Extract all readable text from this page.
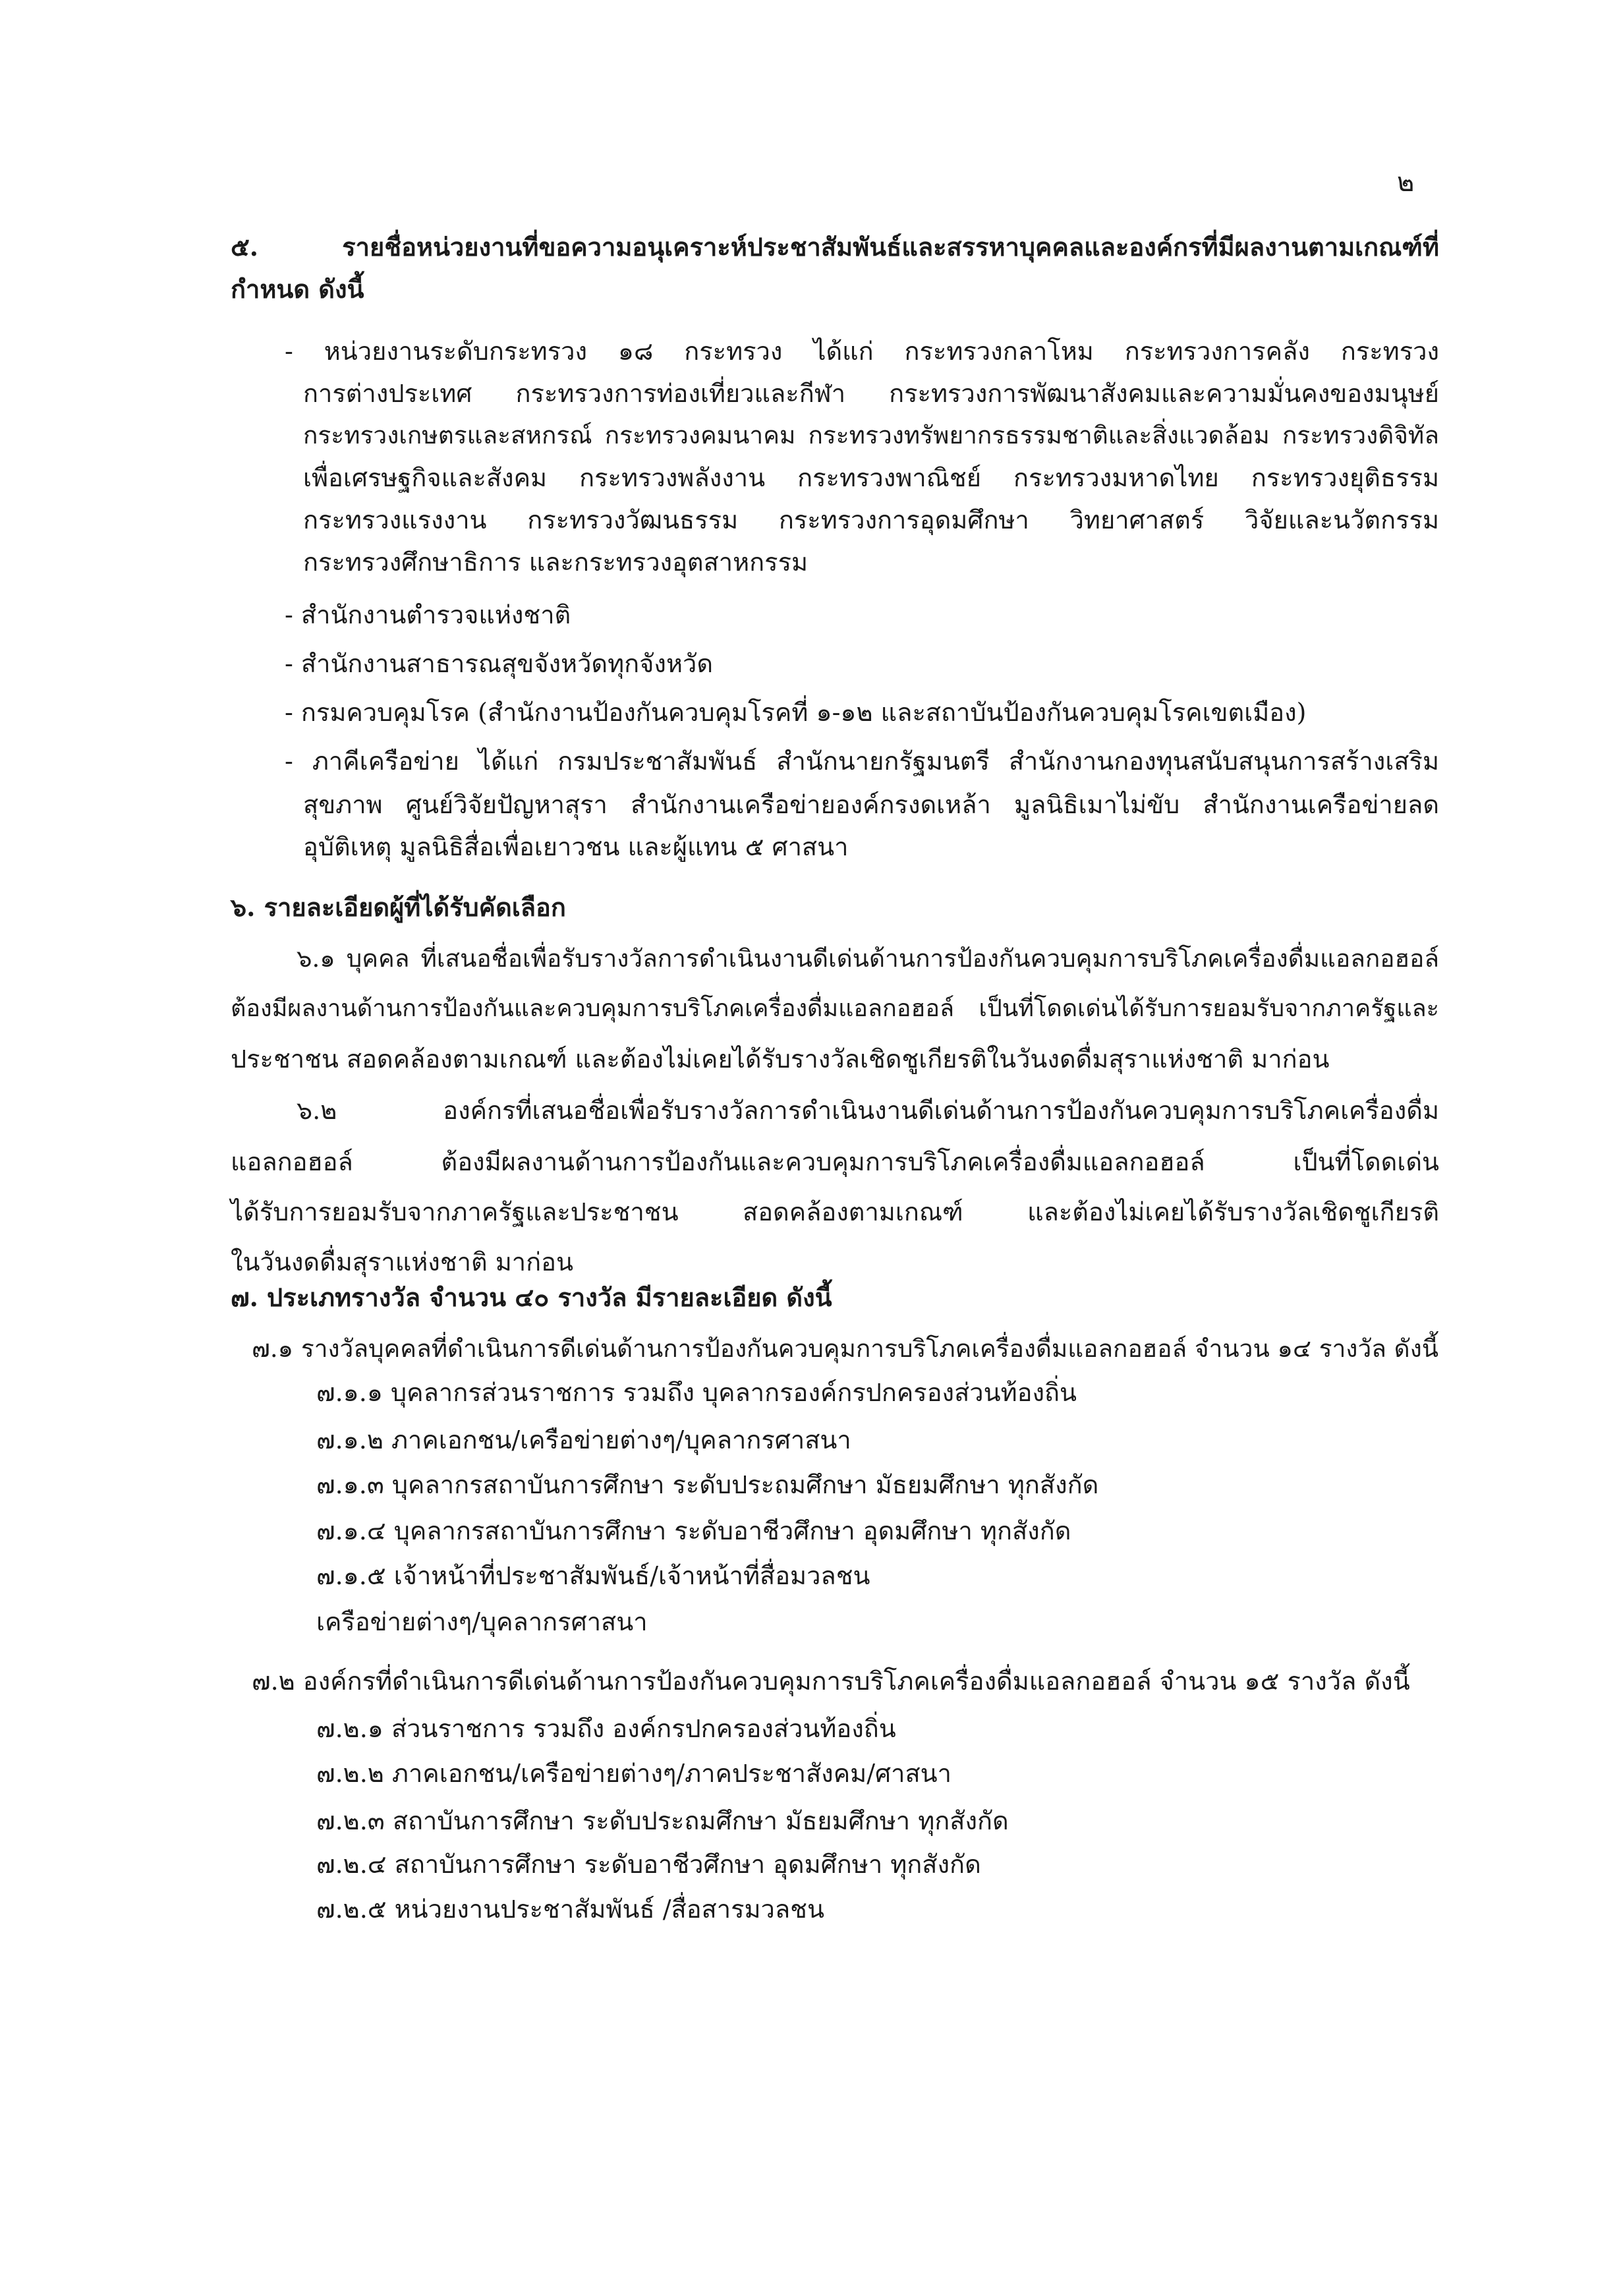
๒
๕. รายชื่อหน่วยงานที่ขอความอนุเคราะห์ประชาสัมพันธ์และสรรหาบุคคลและองค์กรที่มีผลงานตามเกณฑ์ที่
กำหนด ดังนี้
- หน่วยงานระดับกระทรวง ๑๘ กระทรวง ได้แก่ กระทรวงกลาโหม กระทรวงการคลัง กระทรวง
การต่างประเทศ กระทรวงการท่องเที่ยวและกีฬา กระทรวงการพัฒนาสังคมและความมั่นคงของมนุษย์
กระทรวงเกษตรและสหกรณ์ กระทรวงคมนาคม กระทรวงทรัพยากรธรรมชาติและสิ่งแวดล้อม กระทรวงดิจิทัล
เพื่อเศรษฐกิจและสังคม กระทรวงพลังงาน กระทรวงพาณิชย์ กระทรวงมหาดไทย กระทรวงยุติธรรม
กระทรวงแรงงาน กระทรวงวัฒนธรรม กระทรวงการอุดมศึกษา วิทยาศาสตร์ วิจัยและนวัตกรรม
กระทรวงศึกษาธิการ และกระทรวงอุตสาหกรรม
- สำนักงานตำรวจแห่งชาติ
- สำนักงานสาธารณสุขจังหวัดทุกจังหวัด
- กรมควบคุมโรค (สำนักงานป้องกันควบคุมโรคที่ ๑-๑๒ และสถาบันป้องกันควบคุมโรคเขตเมือง)
- ภาคีเครือข่าย ได้แก่ กรมประชาสัมพันธ์ สำนักนายกรัฐมนตรี สำนักงานกองทุนสนับสนุนการสร้างเสริม
สุขภาพ ศูนย์วิจัยปัญหาสุรา สำนักงานเครือข่ายองค์กรงดเหล้า มูลนิธิเมาไม่ขับ สำนักงานเครือข่ายลด
อุบัติเหตุ มูลนิธิสื่อเพื่อเยาวชน และผู้แทน ๕ ศาสนา
๖. รายละเอียดผู้ที่ได้รับคัดเลือก
๖.๑ บุคคล ที่เสนอชื่อเพื่อรับรางวัลการดำเนินงานดีเด่นด้านการป้องกันควบคุมการบริโภคเครื่องดื่มแอลกอฮอล์
ต้องมีผลงานด้านการป้องกันและควบคุมการบริโภคเครื่องดื่มแอลกอฮอล์ เป็นที่โดดเด่นได้รับการยอมรับจากภาครัฐและ
ประชาชน สอดคล้องตามเกณฑ์ และต้องไม่เคยได้รับรางวัลเชิดชูเกียรติในวันงดดื่มสุราแห่งชาติ มาก่อน
๖.๒ องค์กรที่เสนอชื่อเพื่อรับรางวัลการดำเนินงานดีเด่นด้านการป้องกันควบคุมการบริโภคเครื่องดื่ม
แอลกอฮอล์ ต้องมีผลงานด้านการป้องกันและควบคุมการบริโภคเครื่องดื่มแอลกอฮอล์ เป็นที่โดดเด่น
ได้รับการยอมรับจากภาครัฐและประชาชน สอดคล้องตามเกณฑ์ และต้องไม่เคยได้รับรางวัลเชิดชูเกียรติ
ในวันงดดื่มสุราแห่งชาติ มาก่อน
๗. ประเภทรางวัล จำนวน ๔๐ รางวัล มีรายละเอียด ดังนี้
๗.๑ รางวัลบุคคลที่ดำเนินการดีเด่นด้านการป้องกันควบคุมการบริโภคเครื่องดื่มแอลกอฮอล์ จำนวน ๑๔ รางวัล ดังนี้
๗.๑.๑ บุคลากรส่วนราชการ รวมถึง บุคลากรองค์กรปกครองส่วนท้องถิ่น
๗.๑.๒ ภาคเอกชน/เครือข่ายต่างๆ/บุคลากรศาสนา
๗.๑.๓ บุคลากรสถาบันการศึกษา ระดับประถมศึกษา มัธยมศึกษา ทุกสังกัด
๗.๑.๔ บุคลากรสถาบันการศึกษา ระดับอาชีวศึกษา อุดมศึกษา ทุกสังกัด
๗.๑.๕ เจ้าหน้าที่ประชาสัมพันธ์/เจ้าหน้าที่สื่อมวลชน
เครือข่ายต่างๆ/บุคลากรศาสนา
๗.๒ องค์กรที่ดำเนินการดีเด่นด้านการป้องกันควบคุมการบริโภคเครื่องดื่มแอลกอฮอล์ จำนวน ๑๕ รางวัล ดังนี้
๗.๒.๑ ส่วนราชการ รวมถึง องค์กรปกครองส่วนท้องถิ่น
๗.๒.๒ ภาคเอกชน/เครือข่ายต่างๆ/ภาคประชาสังคม/ศาสนา
๗.๒.๓ สถาบันการศึกษา ระดับประถมศึกษา มัธยมศึกษา ทุกสังกัด
๗.๒.๔ สถาบันการศึกษา ระดับอาชีวศึกษา อุดมศึกษา ทุกสังกัด
๗.๒.๕ หน่วยงานประชาสัมพันธ์ /สื่อสารมวลชน
